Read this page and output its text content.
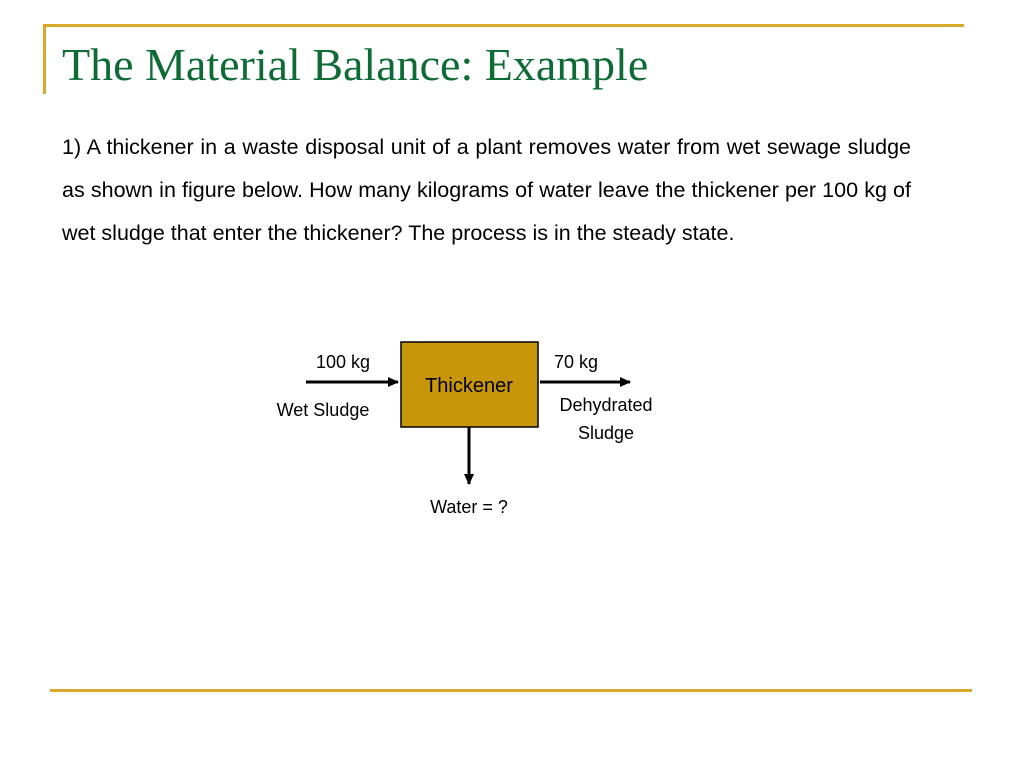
The Material Balance: Example

1) A thickener in a waste disposal unit of a plant removes water from wet sewage sludge as shown in figure below. How many kilograms of water leave the thickener per 100 kg of wet sludge that enter the thickener? The process is in the steady state.

Thickener
100 kg
Wet Sludge
70 kg
Dehydrated
Sludge
Water = ?
